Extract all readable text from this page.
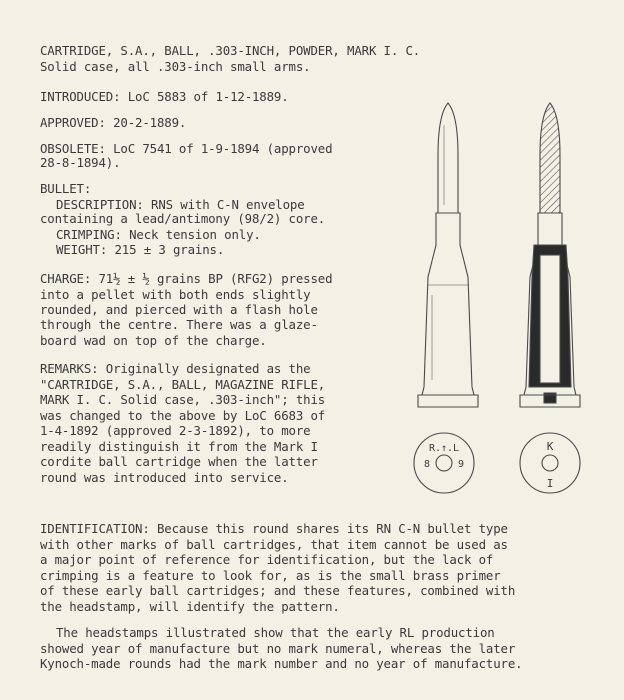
CARTRIDGE, S.A., BALL, .303-INCH, POWDER, MARK I. C.
Solid case, all .303-inch small arms.
INTRODUCED: LoC 5883 of 1-12-1889.
APPROVED: 20-2-1889.
OBSOLETE: LoC 7541 of 1-9-1894 (approved
28-8-1894).
BULLET:
DESCRIPTION: RNS with C-N envelope
containing a lead/antimony (98/2) core.
CRIMPING: Neck tension only.
WEIGHT: 215 ± 3 grains.
CHARGE: 71½ ± ½ grains BP (RFG2) pressed
into a pellet with both ends slightly
rounded, and pierced with a flash hole
through the centre. There was a glaze-
board wad on top of the charge.
REMARKS: Originally designated as the
"CARTRIDGE, S.A., BALL, MAGAZINE RIFLE,
MARK I. C. Solid case, .303-inch"; this
was changed to the above by LoC 6683 of
1-4-1892 (approved 2-3-1892), to more
readily distinguish it from the Mark I
cordite ball cartridge when the latter
round was introduced into service.
IDENTIFICATION: Because this round shares its RN C-N bullet type
with other marks of ball cartridges, that item cannot be used as
a major point of reference for identification, but the lack of
crimping is a feature to look for, as is the small brass primer
of these early ball cartridges; and these features, combined with
the headstamp, will identify the pattern.
The headstamps illustrated show that the early RL production
showed year of manufacture but no mark numeral, whereas the later
Kynoch-made rounds had the mark number and no year of manufacture.
R.↑.L
8	9
K
I
